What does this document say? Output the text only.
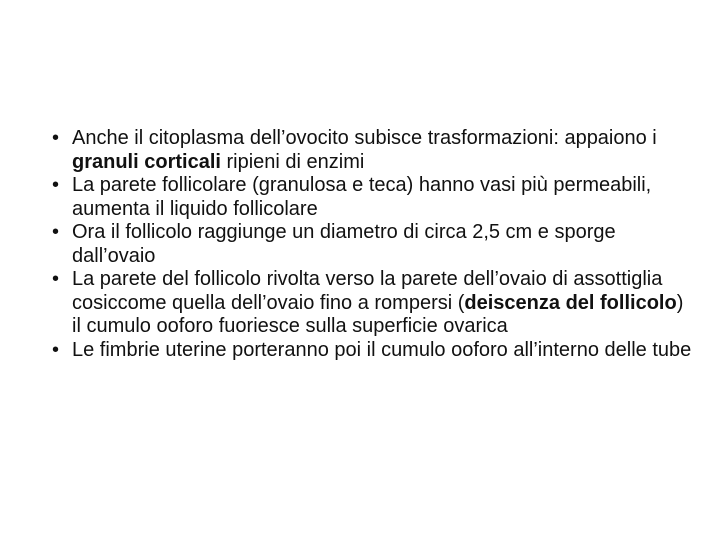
• Anche il citoplasma dell’ovocito subisce trasformazioni: appaiono i granuli corticali ripieni di enzimi
• La parete follicolare (granulosa e teca) hanno vasi più permeabili, aumenta il liquido follicolare
• Ora il follicolo raggiunge un diametro di circa 2,5 cm e sporge dall’ovaio
• La parete del follicolo rivolta verso la parete dell’ovaio di assottiglia cosiccome quella dell’ovaio fino a rompersi (deiscenza del follicolo) il cumulo ooforo fuoriesce sulla superficie ovarica
• Le fimbrie uterine porteranno poi il cumulo ooforo all’interno delle tube
